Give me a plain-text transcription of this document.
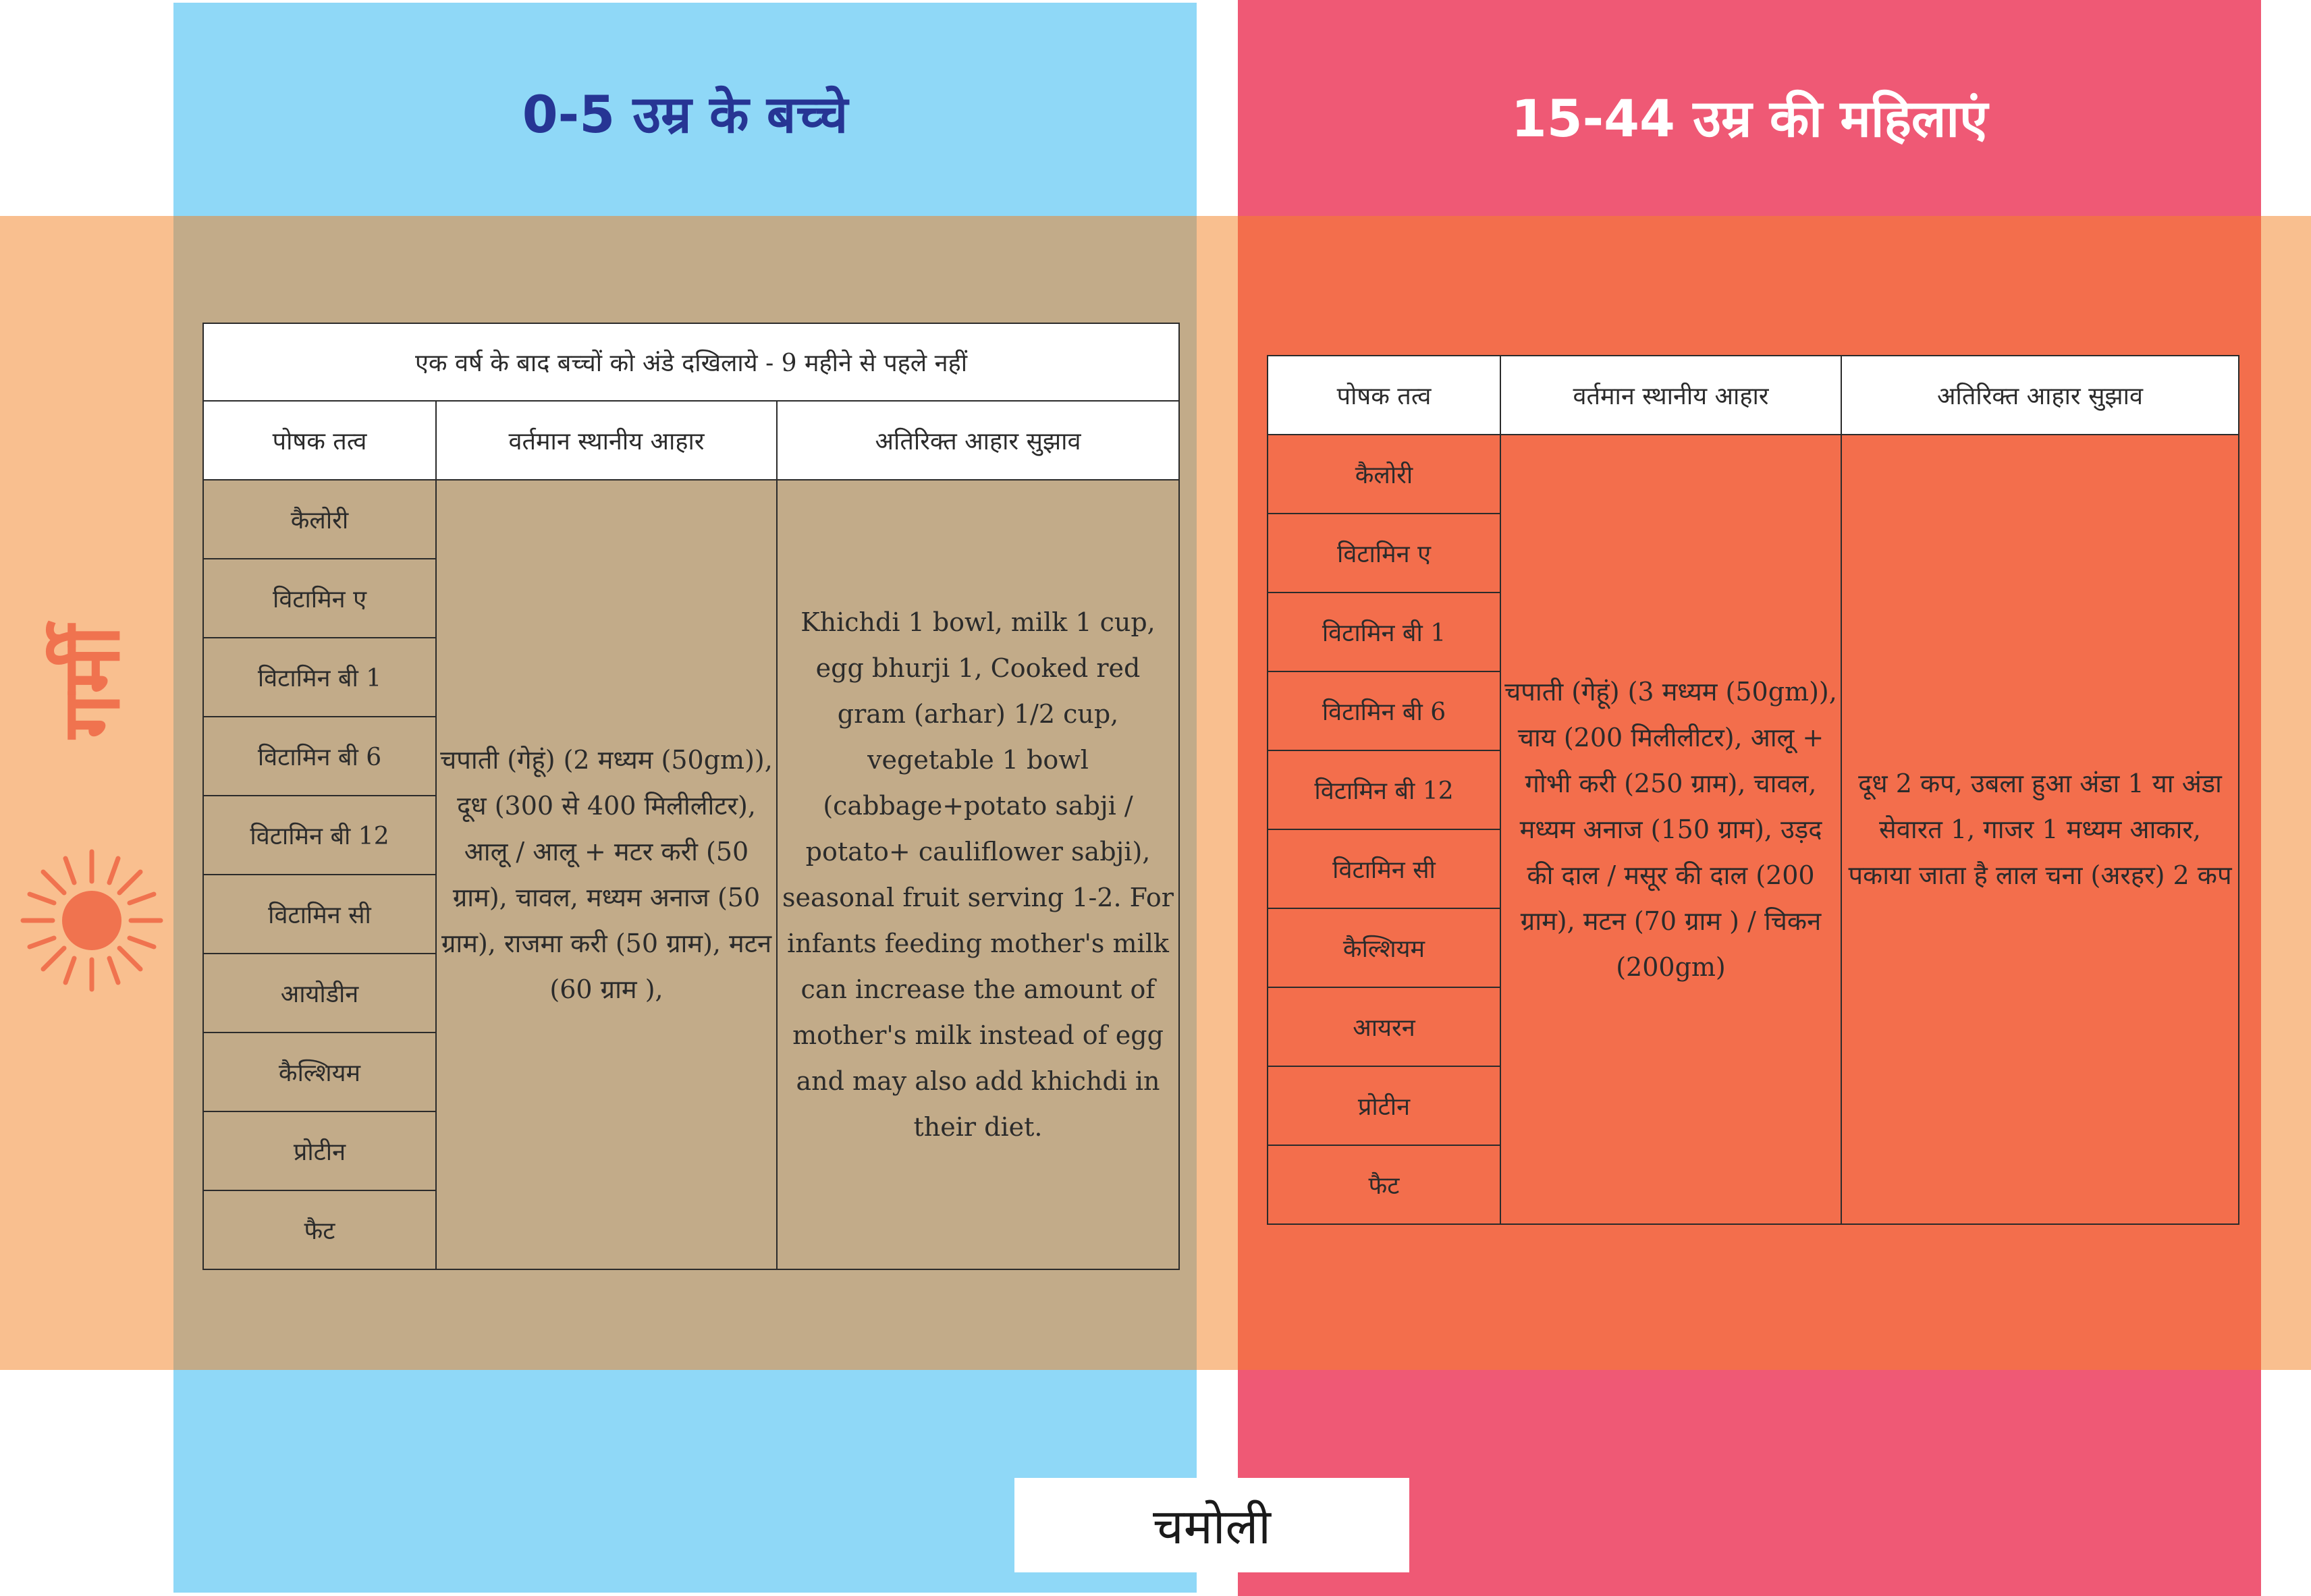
0-5 उम्र के बच्चे	15-44 उम्र की महिलाएं
गर्मी
एक वर्ष के बाद बच्चों को अंडे दखिलाये - 9 महीने से पहले नहीं		
पोषक तत्व	वर्तमान स्थानीय आहार	अतिरिक्त आहार सुझाव
कैलोरी	चपाती (गेहूं) (2 मध्यम (50gm)), दूध (300 से 400 मिलीलीटर), आलू / आलू + मटर करी (50 ग्राम), चावल, मध्यम अनाज (50 ग्राम), राजमा करी (50 ग्राम), मटन (60 ग्राम ),	Khichdi 1 bowl, milk 1 cup, egg bhurji 1, Cooked red gram (arhar) 1/2 cup, vegetable 1 bowl (cabbage+potato sabji / potato+ cauliflower sabji), seasonal fruit serving 1-2. For infants feeding mother's milk can increase the amount of mother's milk instead of egg and may also add khichdi in their diet.
विटामिन ए		
विटामिन बी 1		
विटामिन बी 6		
विटामिन बी 12		
विटामिन सी		
आयोडीन		
कैल्शियम		
प्रोटीन		
फैट		
पोषक तत्व	वर्तमान स्थानीय आहार	अतिरिक्त आहार सुझाव
कैलोरी	चपाती (गेहूं) (3 मध्यम (50gm)), चाय (200 मिलीलीटर), आलू + गोभी करी (250 ग्राम), चावल, मध्यम अनाज (150 ग्राम), उड़द की दाल / मसूर की दाल (200 ग्राम), मटन (70 ग्राम ) / चिकन (200gm)	दूध 2 कप, उबला हुआ अंडा 1 या अंडा सेवारत 1, गाजर 1 मध्यम आकार, पकाया जाता है लाल चना (अरहर) 2 कप
विटामिन ए		
विटामिन बी 1		
विटामिन बी 6		
विटामिन बी 12		
विटामिन सी		
कैल्शियम		
आयरन		
प्रोटीन		
फैट		
चमोली
